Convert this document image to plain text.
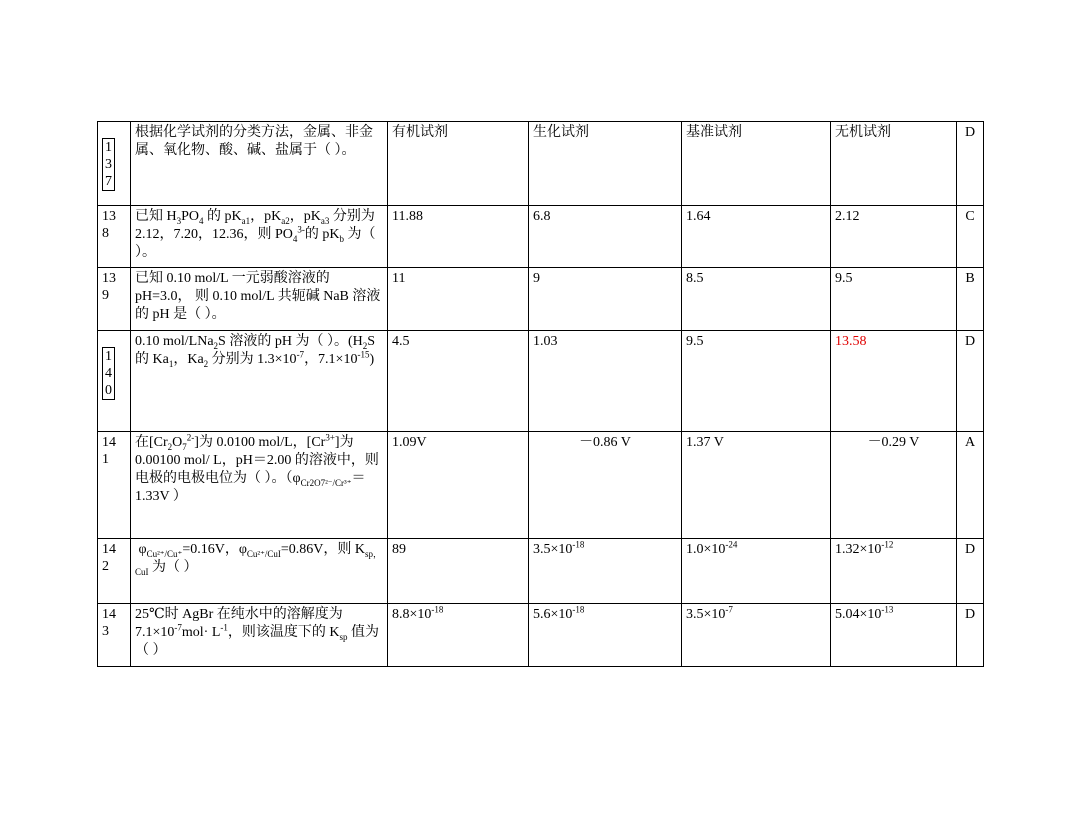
1
3
7	根据化学试剂的分类方法，金属、非金属、氧化物、酸、碱、盐属于（ ）。	有机试剂	生化试剂	基准试剂	无机试剂	D

13
8	已知 $H_3PO_4$ 的 $pK_{a1}$，$pK_{a2}$，$pK_{a3}$ 分别为 2.12，7.20，12.36，则 $PO_4^{3-}$的 $pK_b$ 为（ ）。	11.88	6.8	1.64	2.12	C

13
9	已知 0.10 mol/L 一元弱酸溶液的 pH=3.0， 则 0.10 mol/L 共轭碱 NaB 溶液的 pH 是（ ）。	11	9	8.5	9.5	B

1
4
0	0.10 mol/LNa$_2$S 溶液的 pH 为（ ）。($H_2S$ 的 $Ka_1$，$Ka_2$ 分别为 $1.3\times 10^{-7}$，$7.1\times 10^{-15}$)	4.5	1.03	9.5	13.58	D

14
1	在$[Cr_2O_7^{2-}]$为 0.0100 mol/L，$[Cr^{3+}]$为 0.00100 mol/ L，pH＝2.00 的溶液中，则电极的电极电位为（ ）。（$\varphi_{Cr2O7^{2-}/Cr^{3+}}= 1.33V$ ）	1.09V	－0.86 V	1.37 V	－0.29 V	A

14
2	$\varphi_{Cu^{2+}/Cu^+}=0.16V$，$\varphi_{Cu^{2+}/CuI}=0.86V$，则 $K_{sp,CuI}$ 为（ ）	89	$3.5\times 10^{-18}$	$1.0\times 10^{-24}$	$1.32\times 10^{-12}$	D

14
3	25℃时 AgBr 在纯水中的溶解度为 $7.1\times 10^{-7}mol\cdot L^{-1}$，则该温度下的 $K_{sp}$ 值为（ ）	$8.8\times 10^{-18}$	$5.6\times 10^{-18}$	$3.5\times 10^{-7}$	$5.04\times 10^{-13}$	D
